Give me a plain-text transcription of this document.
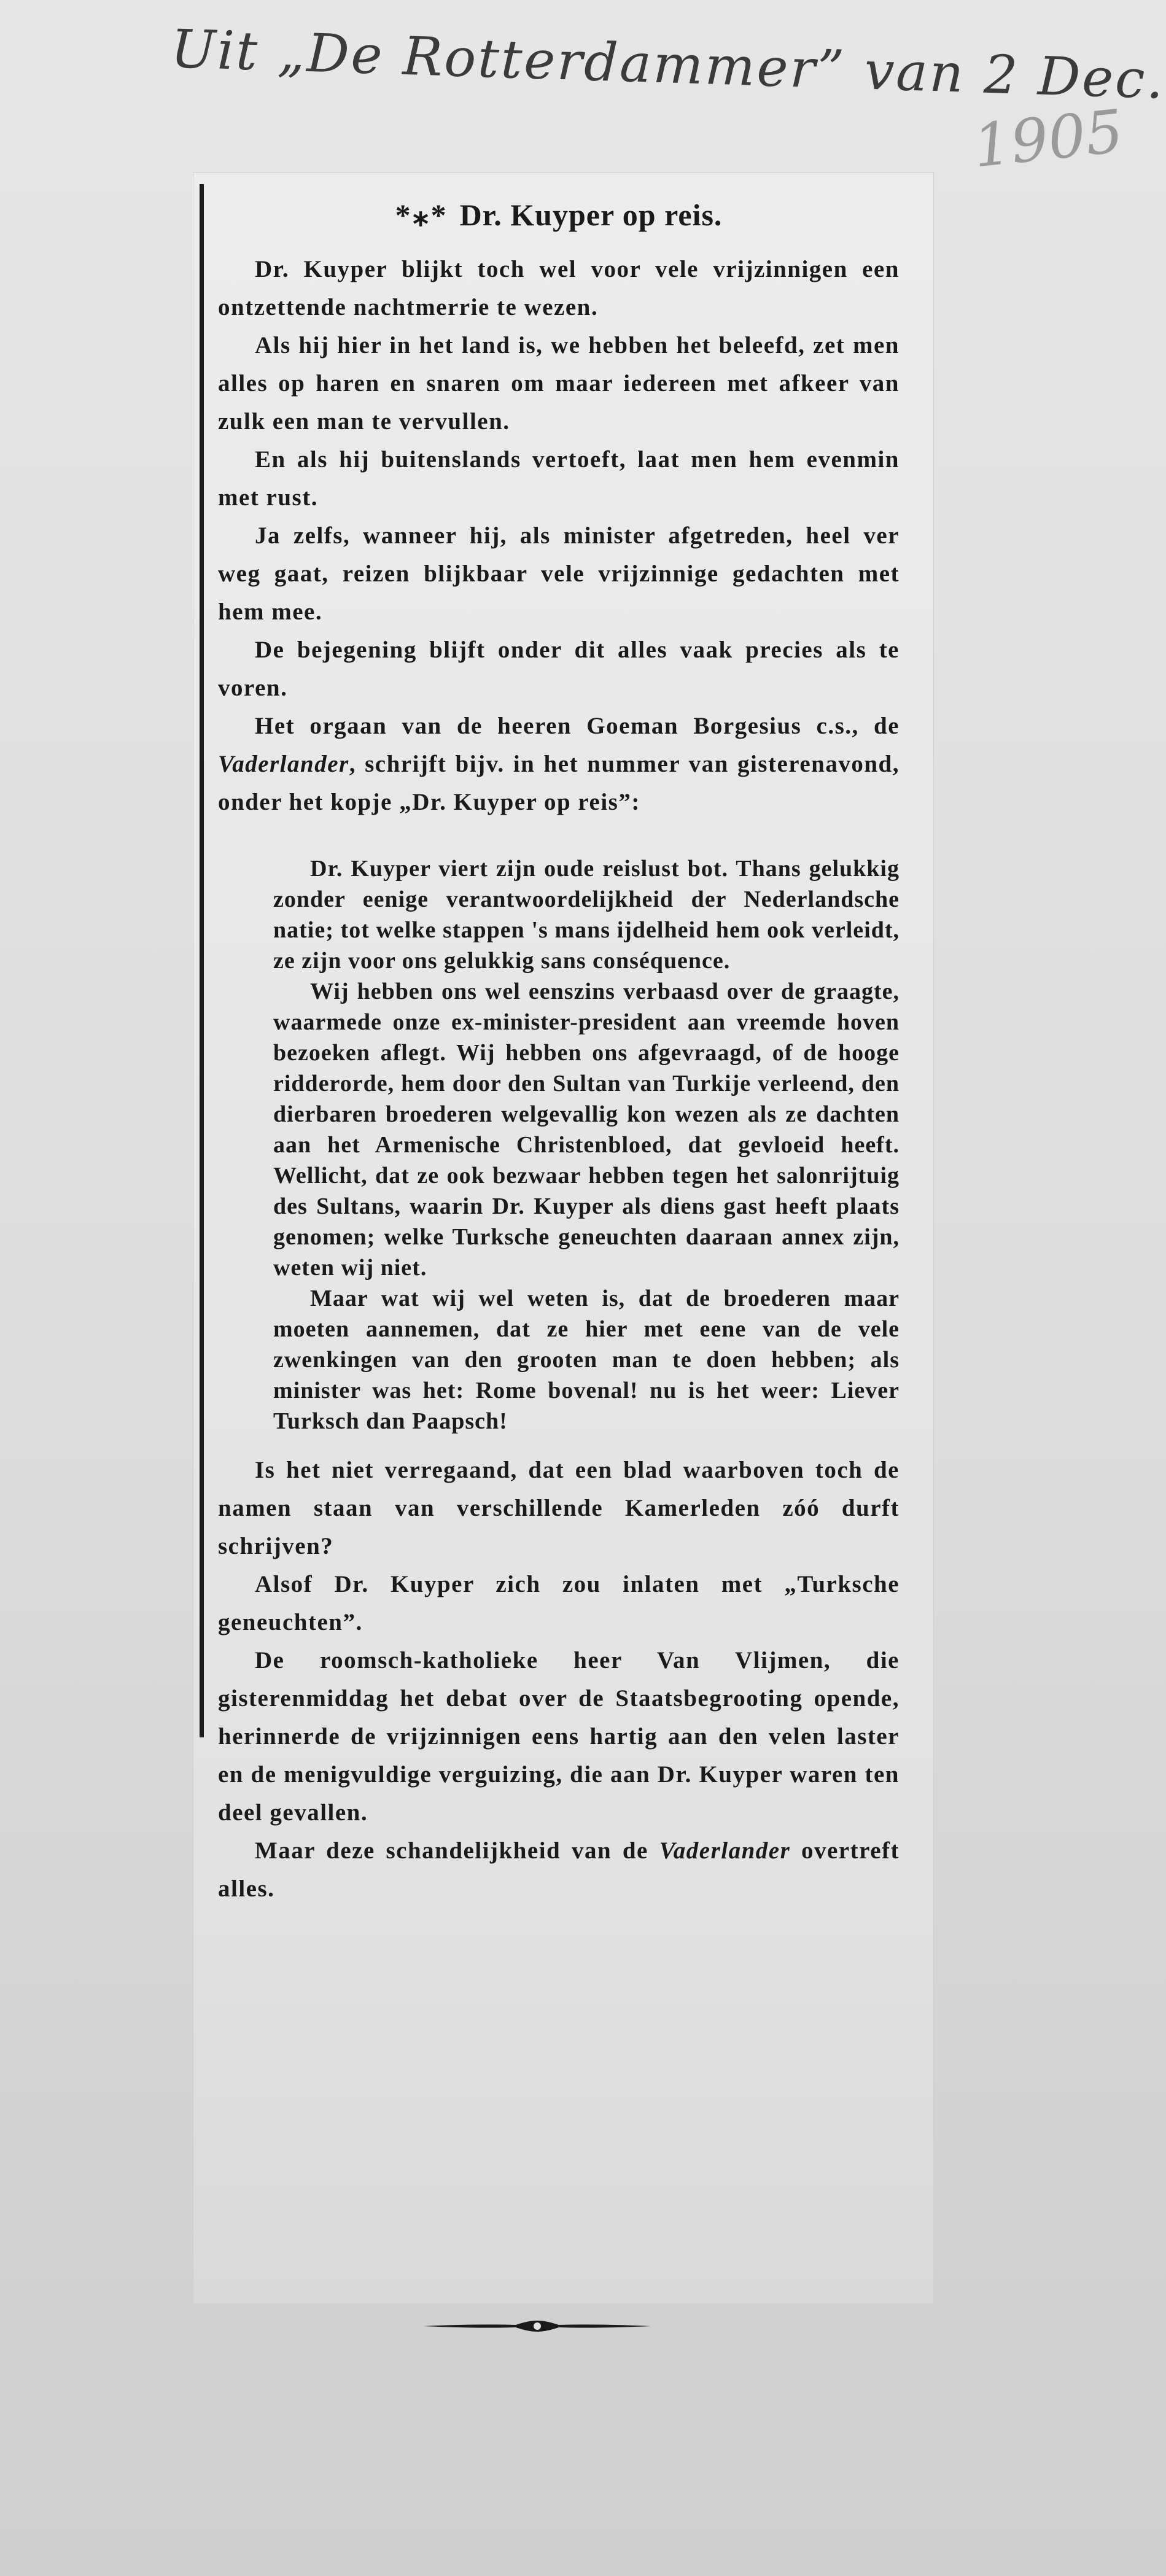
Uit „De Rotterdammer” van 2 Dec.
1905
*⁎* Dr. Kuyper op reis.

Dr. Kuyper blijkt toch wel voor vele vrijzinnigen een ontzettende nachtmerrie te wezen.

Als hij hier in het land is, we hebben het beleefd, zet men alles op haren en snaren om maar iedereen met afkeer van zulk een man te vervullen.

En als hij buitenslands vertoeft, laat men hem evenmin met rust.

Ja zelfs, wanneer hij, als minister afgetreden, heel ver weg gaat, reizen blijkbaar vele vrijzinnige gedachten met hem mee.

De bejegening blijft onder dit alles vaak precies als te voren.

Het orgaan van de heeren Goeman Borgesius c.s., de Vaderlander, schrijft bijv. in het nummer van gisterenavond, onder het kopje „Dr. Kuyper op reis”:

Dr. Kuyper viert zijn oude reislust bot. Thans gelukkig zonder eenige verantwoordelijkheid der Nederlandsche natie; tot welke stappen 's mans ijdelheid hem ook verleidt, ze zijn voor ons gelukkig sans conséquence.

Wij hebben ons wel eenszins verbaasd over de graagte, waarmede onze ex-minister-president aan vreemde hoven bezoeken aflegt. Wij hebben ons afgevraagd, of de hooge ridderorde, hem door den Sultan van Turkije verleend, den dierbaren broederen welgevallig kon wezen als ze dachten aan het Armenische Christenbloed, dat gevloeid heeft. Wellicht, dat ze ook bezwaar hebben tegen het salonrijtuig des Sultans, waarin Dr. Kuyper als diens gast heeft plaats genomen; welke Turksche geneuchten daaraan annex zijn, weten wij niet.

Maar wat wij wel weten is, dat de broederen maar moeten aannemen, dat ze hier met eene van de vele zwenkingen van den grooten man te doen hebben; als minister was het: Rome bovenal! nu is het weer: Liever Turksch dan Paapsch!

Is het niet verregaand, dat een blad waarboven toch de namen staan van verschillende Kamerleden zóó durft schrijven?

Alsof Dr. Kuyper zich zou inlaten met „Turksche geneuchten”.

De roomsch-katholieke heer Van Vlijmen, die gisterenmiddag het debat over de Staatsbegrooting opende, herinnerde de vrijzinnigen eens hartig aan den velen laster en de menigvuldige verguizing, die aan Dr. Kuyper waren ten deel gevallen.

Maar deze schandelijkheid van de Vaderlander overtreft alles.
